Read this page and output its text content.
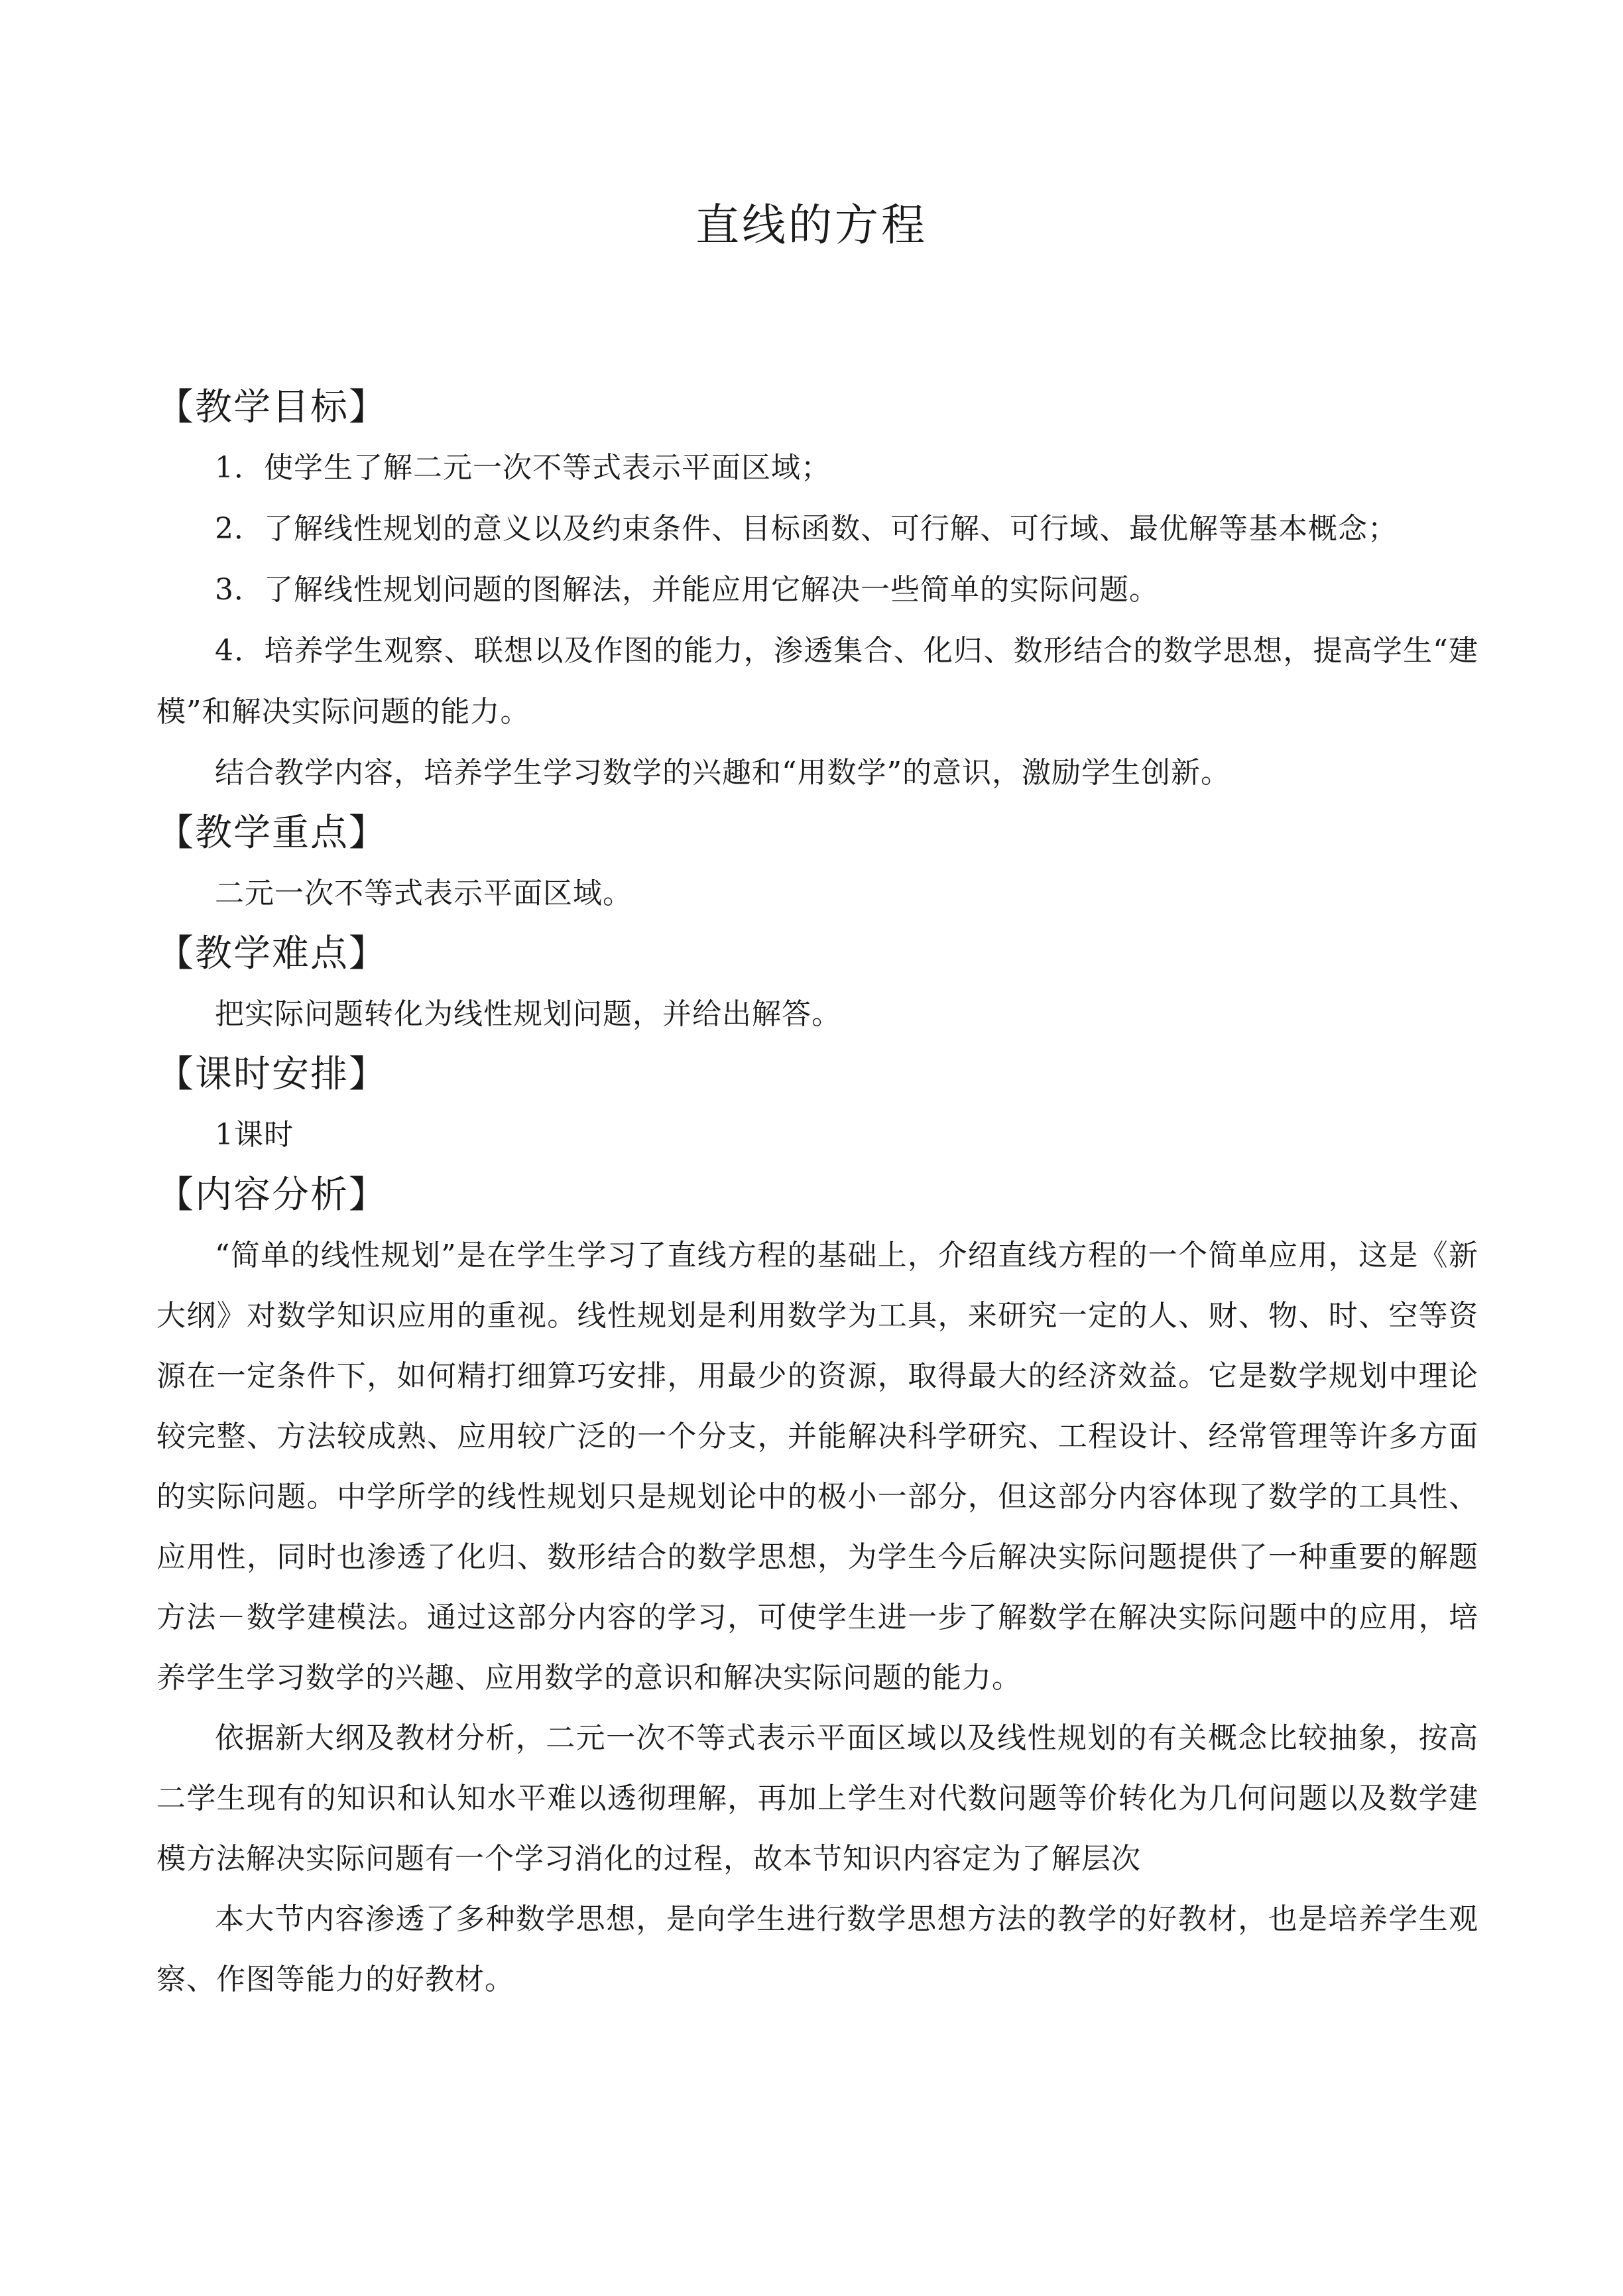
直线的方程
【教学目标】

1．使学生了解二元一次不等式表示平面区域；

2．了解线性规划的意义以及约束条件、目标函数、可行解、可行域、最优解等基本概念；

3．了解线性规划问题的图解法，并能应用它解决一些简单的实际问题。

4．培养学生观察、联想以及作图的能力，渗透集合、化归、数形结合的数学思想，提高学生“建模”和解决实际问题的能力。

结合教学内容，培养学生学习数学的兴趣和“用数学”的意识，激励学生创新。

【教学重点】

二元一次不等式表示平面区域。

【教学难点】

把实际问题转化为线性规划问题，并给出解答。

【课时安排】

1课时

【内容分析】

“简单的线性规划”是在学生学习了直线方程的基础上，介绍直线方程的一个简单应用，这是《新大纲》对数学知识应用的重视。线性规划是利用数学为工具，来研究一定的人、财、物、时、空等资源在一定条件下，如何精打细算巧安排，用最少的资源，取得最大的经济效益。它是数学规划中理论较完整、方法较成熟、应用较广泛的一个分支，并能解决科学研究、工程设计、经常管理等许多方面的实际问题。中学所学的线性规划只是规划论中的极小一部分，但这部分内容体现了数学的工具性、应用性，同时也渗透了化归、数形结合的数学思想，为学生今后解决实际问题提供了一种重要的解题方法－数学建模法。通过这部分内容的学习，可使学生进一步了解数学在解决实际问题中的应用，培养学生学习数学的兴趣、应用数学的意识和解决实际问题的能力。

依据新大纲及教材分析，二元一次不等式表示平面区域以及线性规划的有关概念比较抽象，按高二学生现有的知识和认知水平难以透彻理解，再加上学生对代数问题等价转化为几何问题以及数学建模方法解决实际问题有一个学习消化的过程，故本节知识内容定为了解层次

本大节内容渗透了多种数学思想，是向学生进行数学思想方法的教学的好教材，也是培养学生观察、作图等能力的好教材。
